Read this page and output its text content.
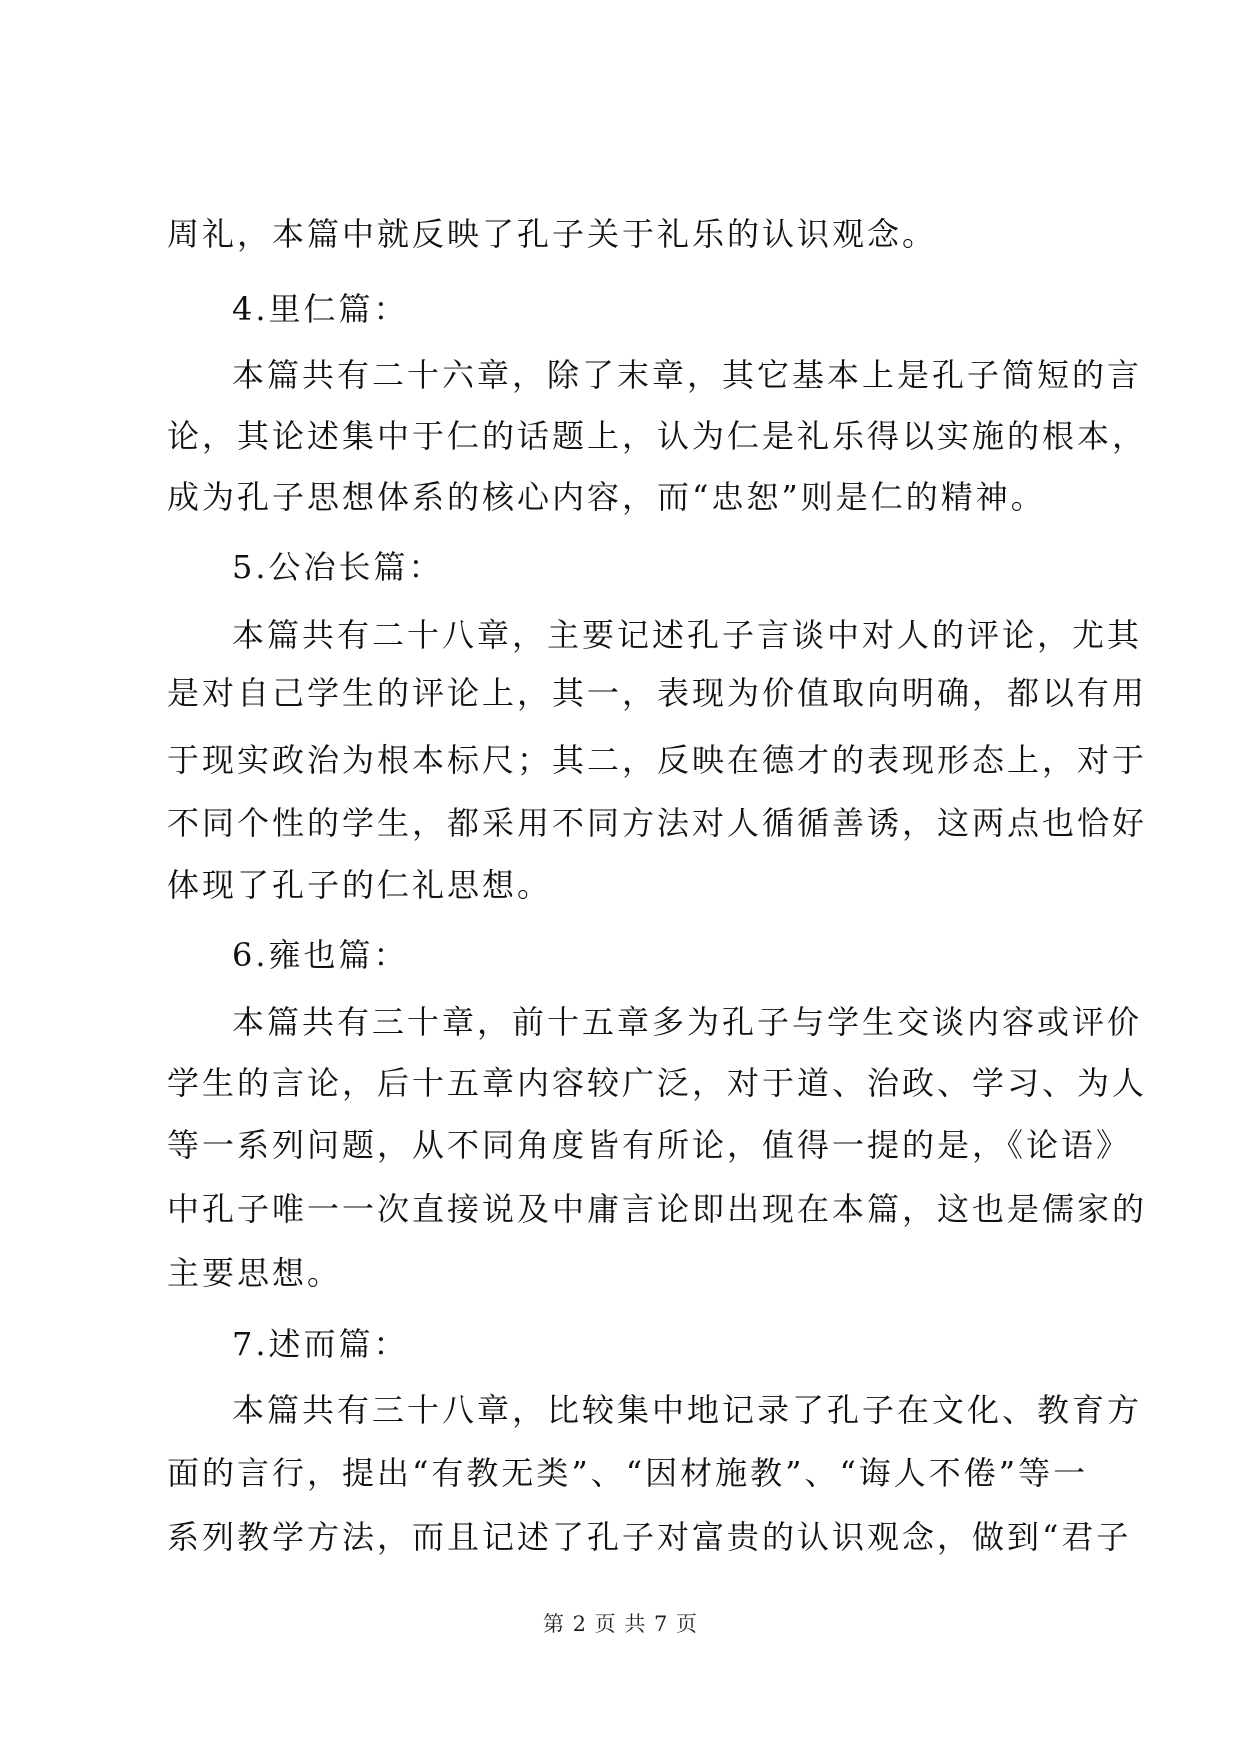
周礼，本篇中就反映了孔子关于礼乐的认识观念。
4.里仁篇：
本篇共有二十六章，除了末章，其它基本上是孔子简短的言
论，其论述集中于仁的话题上，认为仁是礼乐得以实施的根本，
成为孔子思想体系的核心内容，而“忠恕”则是仁的精神。
5.公冶长篇：
本篇共有二十八章，主要记述孔子言谈中对人的评论，尤其
是对自己学生的评论上，其一，表现为价值取向明确，都以有用
于现实政治为根本标尺；其二，反映在德才的表现形态上，对于
不同个性的学生，都采用不同方法对人循循善诱，这两点也恰好
体现了孔子的仁礼思想。
6.雍也篇：
本篇共有三十章，前十五章多为孔子与学生交谈内容或评价
学生的言论，后十五章内容较广泛，对于道、治政、学习、为人
等一系列问题，从不同角度皆有所论，值得一提的是，《论语》
中孔子唯一一次直接说及中庸言论即出现在本篇，这也是儒家的
主要思想。
7.述而篇：
本篇共有三十八章，比较集中地记录了孔子在文化、教育方
面的言行，提出“有教无类”、“因材施教”、“诲人不倦”等一
系列教学方法，而且记述了孔子对富贵的认识观念，做到“君子
第 2 页 共 7 页
